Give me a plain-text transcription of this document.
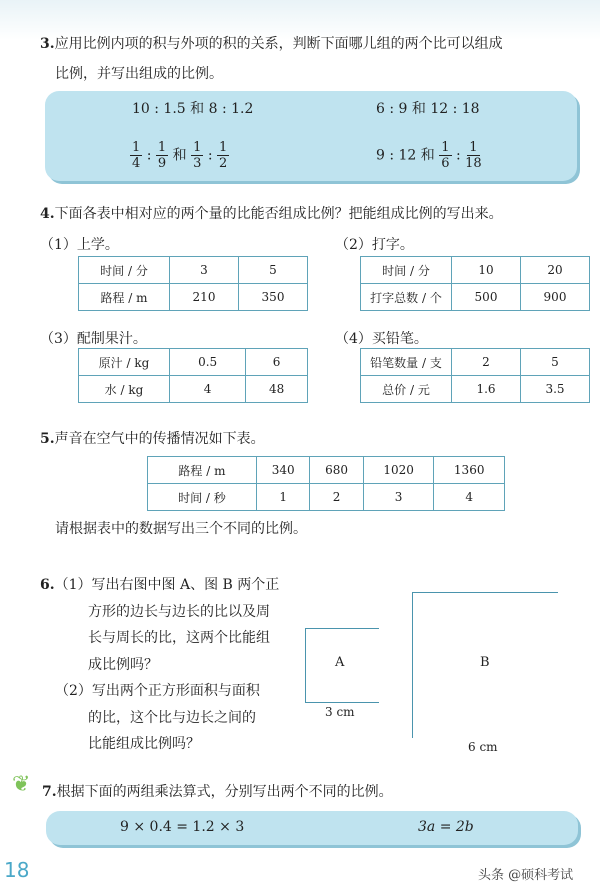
3.应用比例内项的积与外项的积的关系，判断下面哪儿组的两个比可以组成
比例，并写出组成的比例。
10 : 1.5 和 8 : 1.2	6 : 9 和 12 : 18
$\frac{1}{4}$ : $\frac{1}{9}$ 和 $\frac{1}{3}$ : $\frac{1}{2}$	9 : 12 和 $\frac{1}{6}$ : $\frac{1}{18}$
4.下面各表中相对应的两个量的比能否组成比例？把能组成比例的写出来。
（1）上学。
时间 / 分	3	5
路程 / m	210	350
（2）打字。
时间 / 分	10	20
打字总数 / 个	500	900
（3）配制果汁。
原汁 / kg	0.5	6
水 / kg	4	48
（4）买铅笔。
铅笔数量 / 支	2	5
总价 / 元	1.6	3.5
5.声音在空气中的传播情况如下表。
路程 / m	340	680	1020	1360
时间 / 秒	1	2	3	4
请根据表中的数据写出三个不同的比例。
6.（1）写出右图中图 A、图 B 两个正
方形的边长与边长的比以及周
长与周长的比，这两个比能组
成比例吗？
（2）写出两个正方形面积与面积
的比，这个比与边长之间的
比能组成比例吗？
A
3 cm
B
6 cm
❦ 7.根据下面的两组乘法算式，分别写出两个不同的比例。
9 × 0.4 = 1.2 × 3	3a = 2b
18	头条 @硕科考试
